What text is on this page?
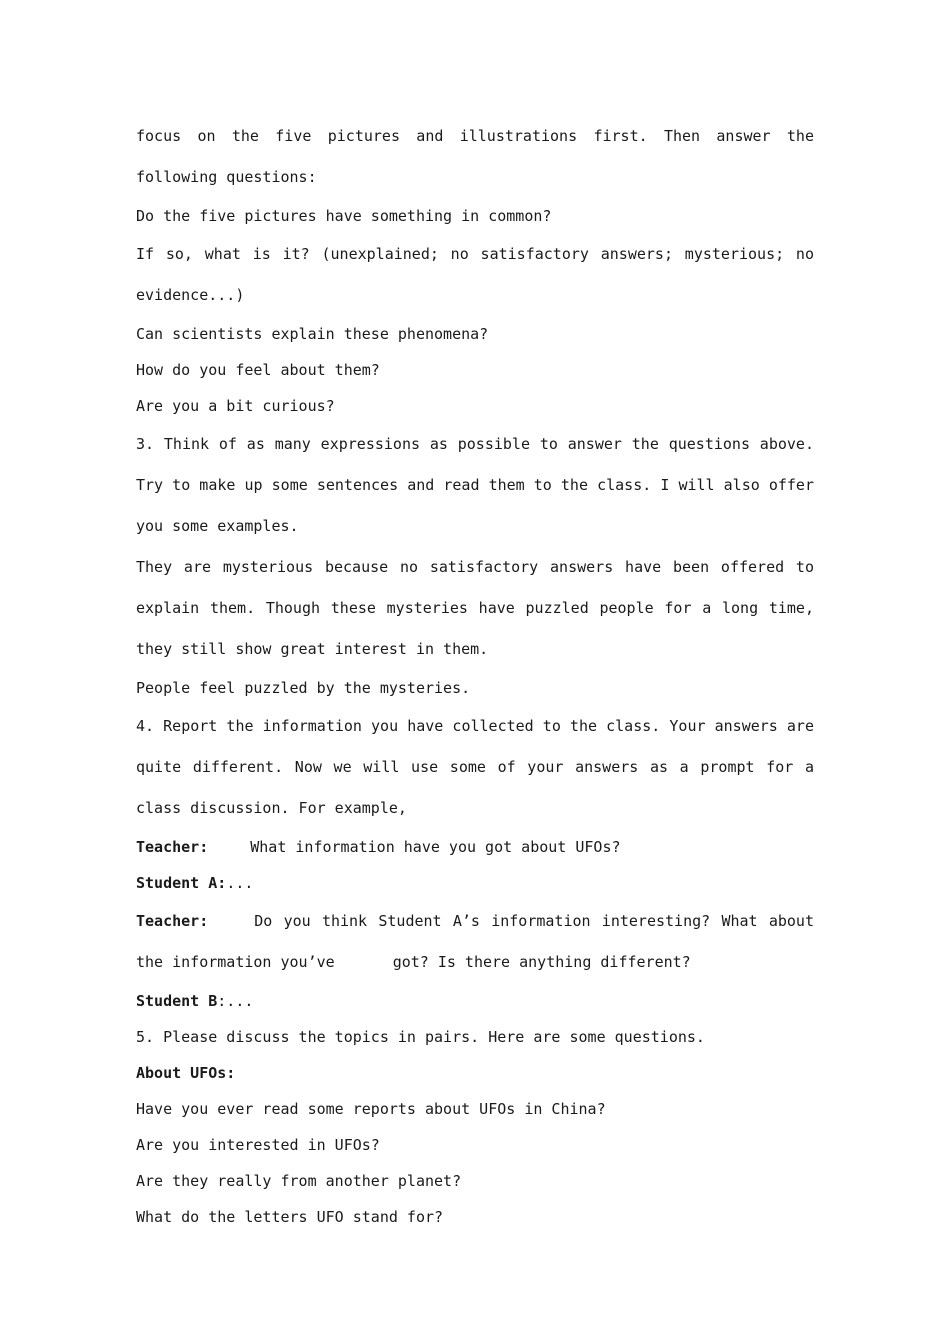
focus on the five pictures and illustrations first. Then answer the following questions:

Do the five pictures have something in common?

If so, what is it? (unexplained; no satisfactory answers; mysterious; no evidence...)

Can scientists explain these phenomena?

How do you feel about them?

Are you a bit curious?

3. Think of as many expressions as possible to answer the questions above. Try to make up some sentences and read them to the class. I will also offer you some examples.

They are mysterious because no satisfactory answers have been offered to explain them. Though these mysteries have puzzled people for a long time, they still show great interest in them.

People feel puzzled by the mysteries.

4. Report the information you have collected to the class. Your answers are quite different. Now we will use some of your answers as a prompt for a class discussion. For example,

Teacher:	What information have you got about UFOs?

Student A:...

Teacher:	Do you think Student A’s information interesting? What about the information you’ve	got? Is there anything different?

Student B:...

5. Please discuss the topics in pairs. Here are some questions.

About UFOs:

Have you ever read some reports about UFOs in China?

Are you interested in UFOs?

Are they really from another planet?

What do the letters UFO stand for?
